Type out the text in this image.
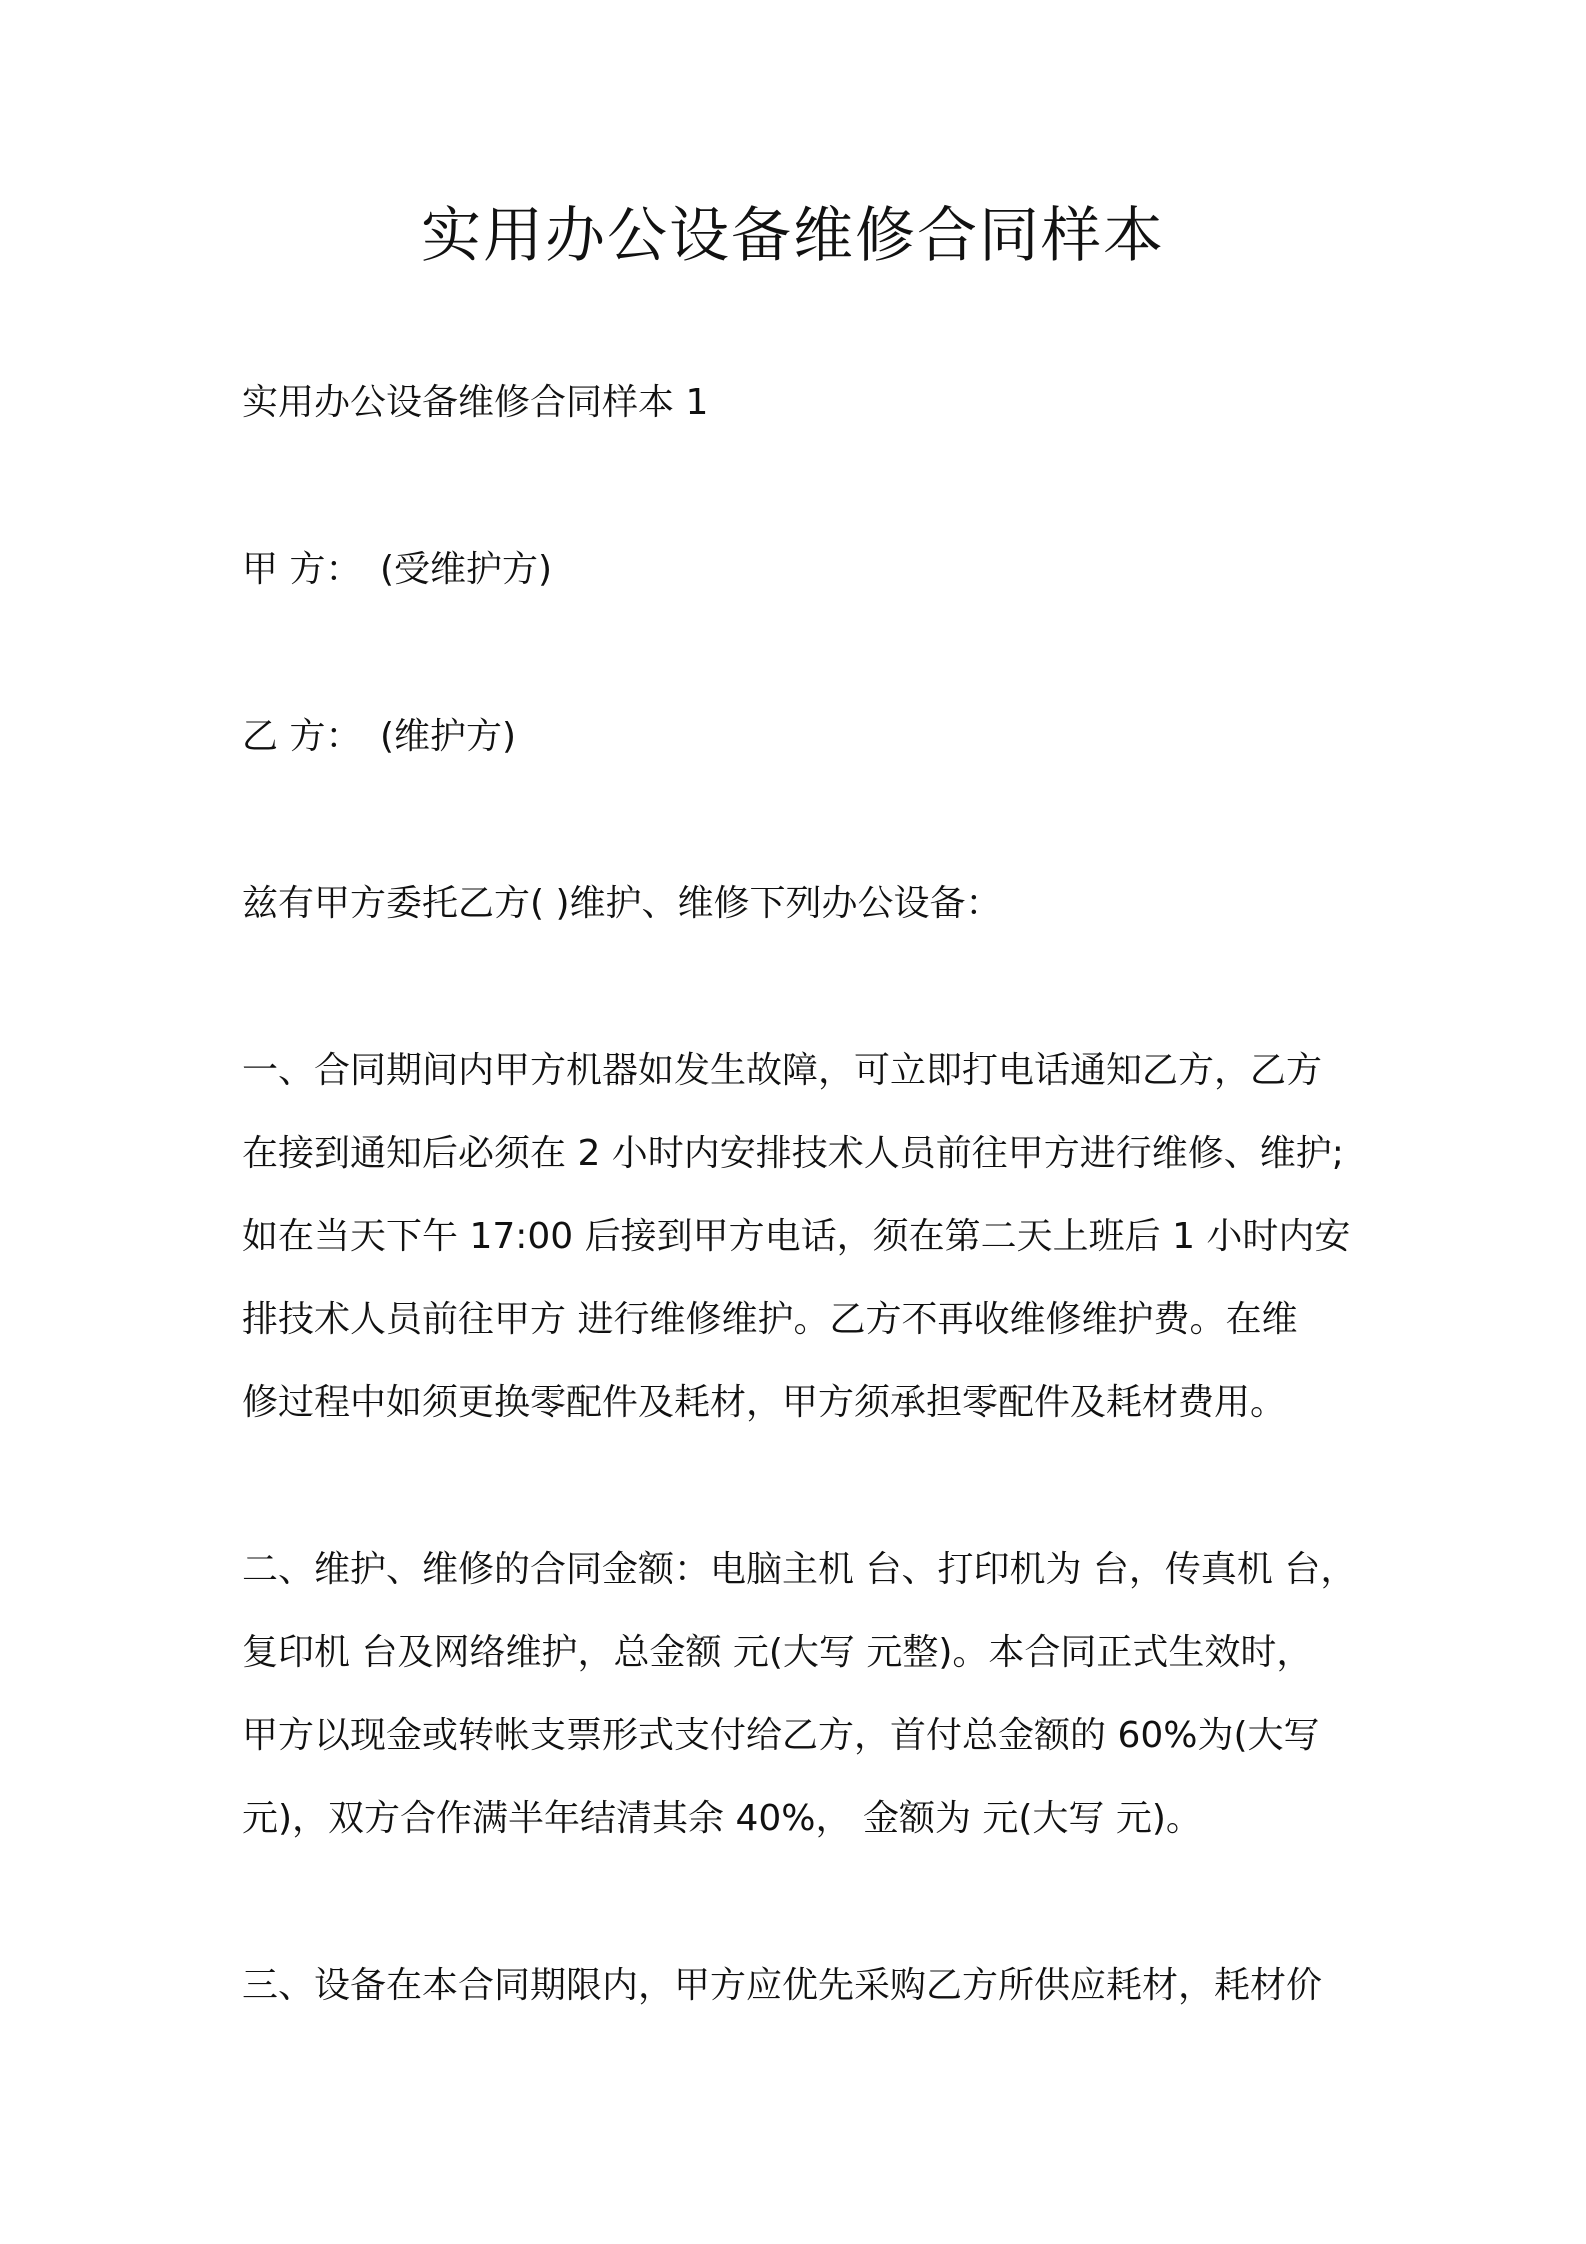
实用办公设备维修合同样本

实用办公设备维修合同样本 1

甲 方： (受维护方)

乙 方： (维护方)

兹有甲方委托乙方( )维护、维修下列办公设备：

一、合同期间内甲方机器如发生故障，可立即打电话通知乙方，乙方

在接到通知后必须在 2 小时内安排技术人员前往甲方进行维修、维护;

如在当天下午 17:00 后接到甲方电话，须在第二天上班后 1 小时内安

排技术人员前往甲方 进行维修维护。乙方不再收维修维护费。在维

修过程中如须更换零配件及耗材，甲方须承担零配件及耗材费用。

二、维护、维修的合同金额：电脑主机 台、打印机为 台，传真机 台，

复印机 台及网络维护，总金额 元(大写 元整)。本合同正式生效时，

甲方以现金或转帐支票形式支付给乙方，首付总金额的 60%为(大写

元)，双方合作满半年结清其余 40%， 金额为 元(大写 元)。

三、设备在本合同期限内，甲方应优先采购乙方所供应耗材，耗材价
